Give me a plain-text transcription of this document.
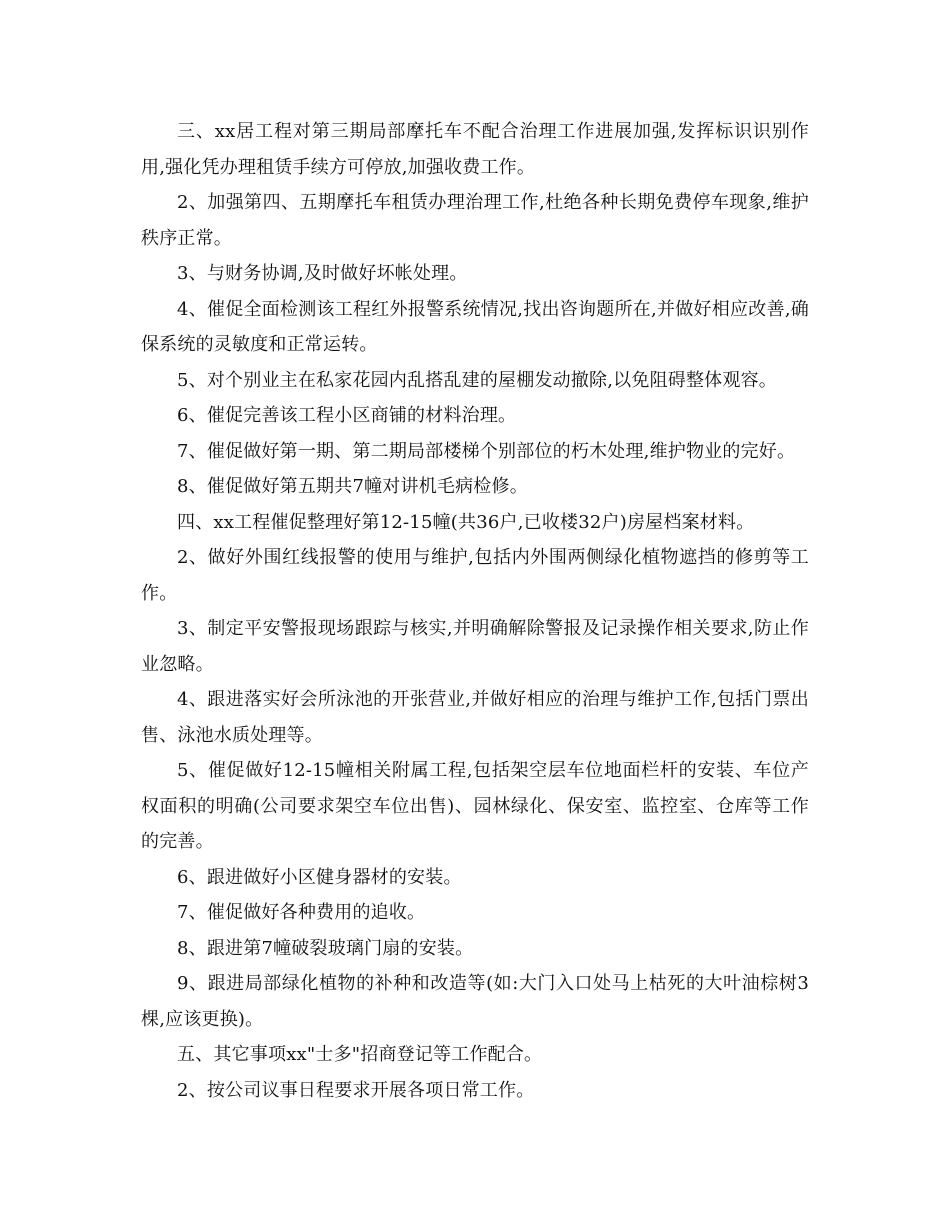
三、xx居工程对第三期局部摩托车不配合治理工作进展加强,发挥标识识别作用,强化凭办理租赁手续方可停放,加强收费工作。

2、加强第四、五期摩托车租赁办理治理工作,杜绝各种长期免费停车现象,维护秩序正常。

3、与财务协调,及时做好坏帐处理。

4、催促全面检测该工程红外报警系统情况,找出咨询题所在,并做好相应改善,确保系统的灵敏度和正常运转。

5、对个别业主在私家花园内乱搭乱建的屋棚发动撤除,以免阻碍整体观容。

6、催促完善该工程小区商铺的材料治理。

7、催促做好第一期、第二期局部楼梯个别部位的朽木处理,维护物业的完好。

8、催促做好第五期共7幢对讲机毛病检修。

四、xx工程催促整理好第12-15幢(共36户,已收楼32户)房屋档案材料。

2、做好外围红线报警的使用与维护,包括内外围两侧绿化植物遮挡的修剪等工作。

3、制定平安警报现场跟踪与核实,并明确解除警报及记录操作相关要求,防止作业忽略。

4、跟进落实好会所泳池的开张营业,并做好相应的治理与维护工作,包括门票出售、泳池水质处理等。

5、催促做好12-15幢相关附属工程,包括架空层车位地面栏杆的安装、车位产权面积的明确(公司要求架空车位出售)、园林绿化、保安室、监控室、仓库等工作的完善。

6、跟进做好小区健身器材的安装。

7、催促做好各种费用的追收。

8、跟进第7幢破裂玻璃门扇的安装。

9、跟进局部绿化植物的补种和改造等(如:大门入口处马上枯死的大叶油棕树3棵,应该更换)。

五、其它事项xx"士多"招商登记等工作配合。

2、按公司议事日程要求开展各项日常工作。
